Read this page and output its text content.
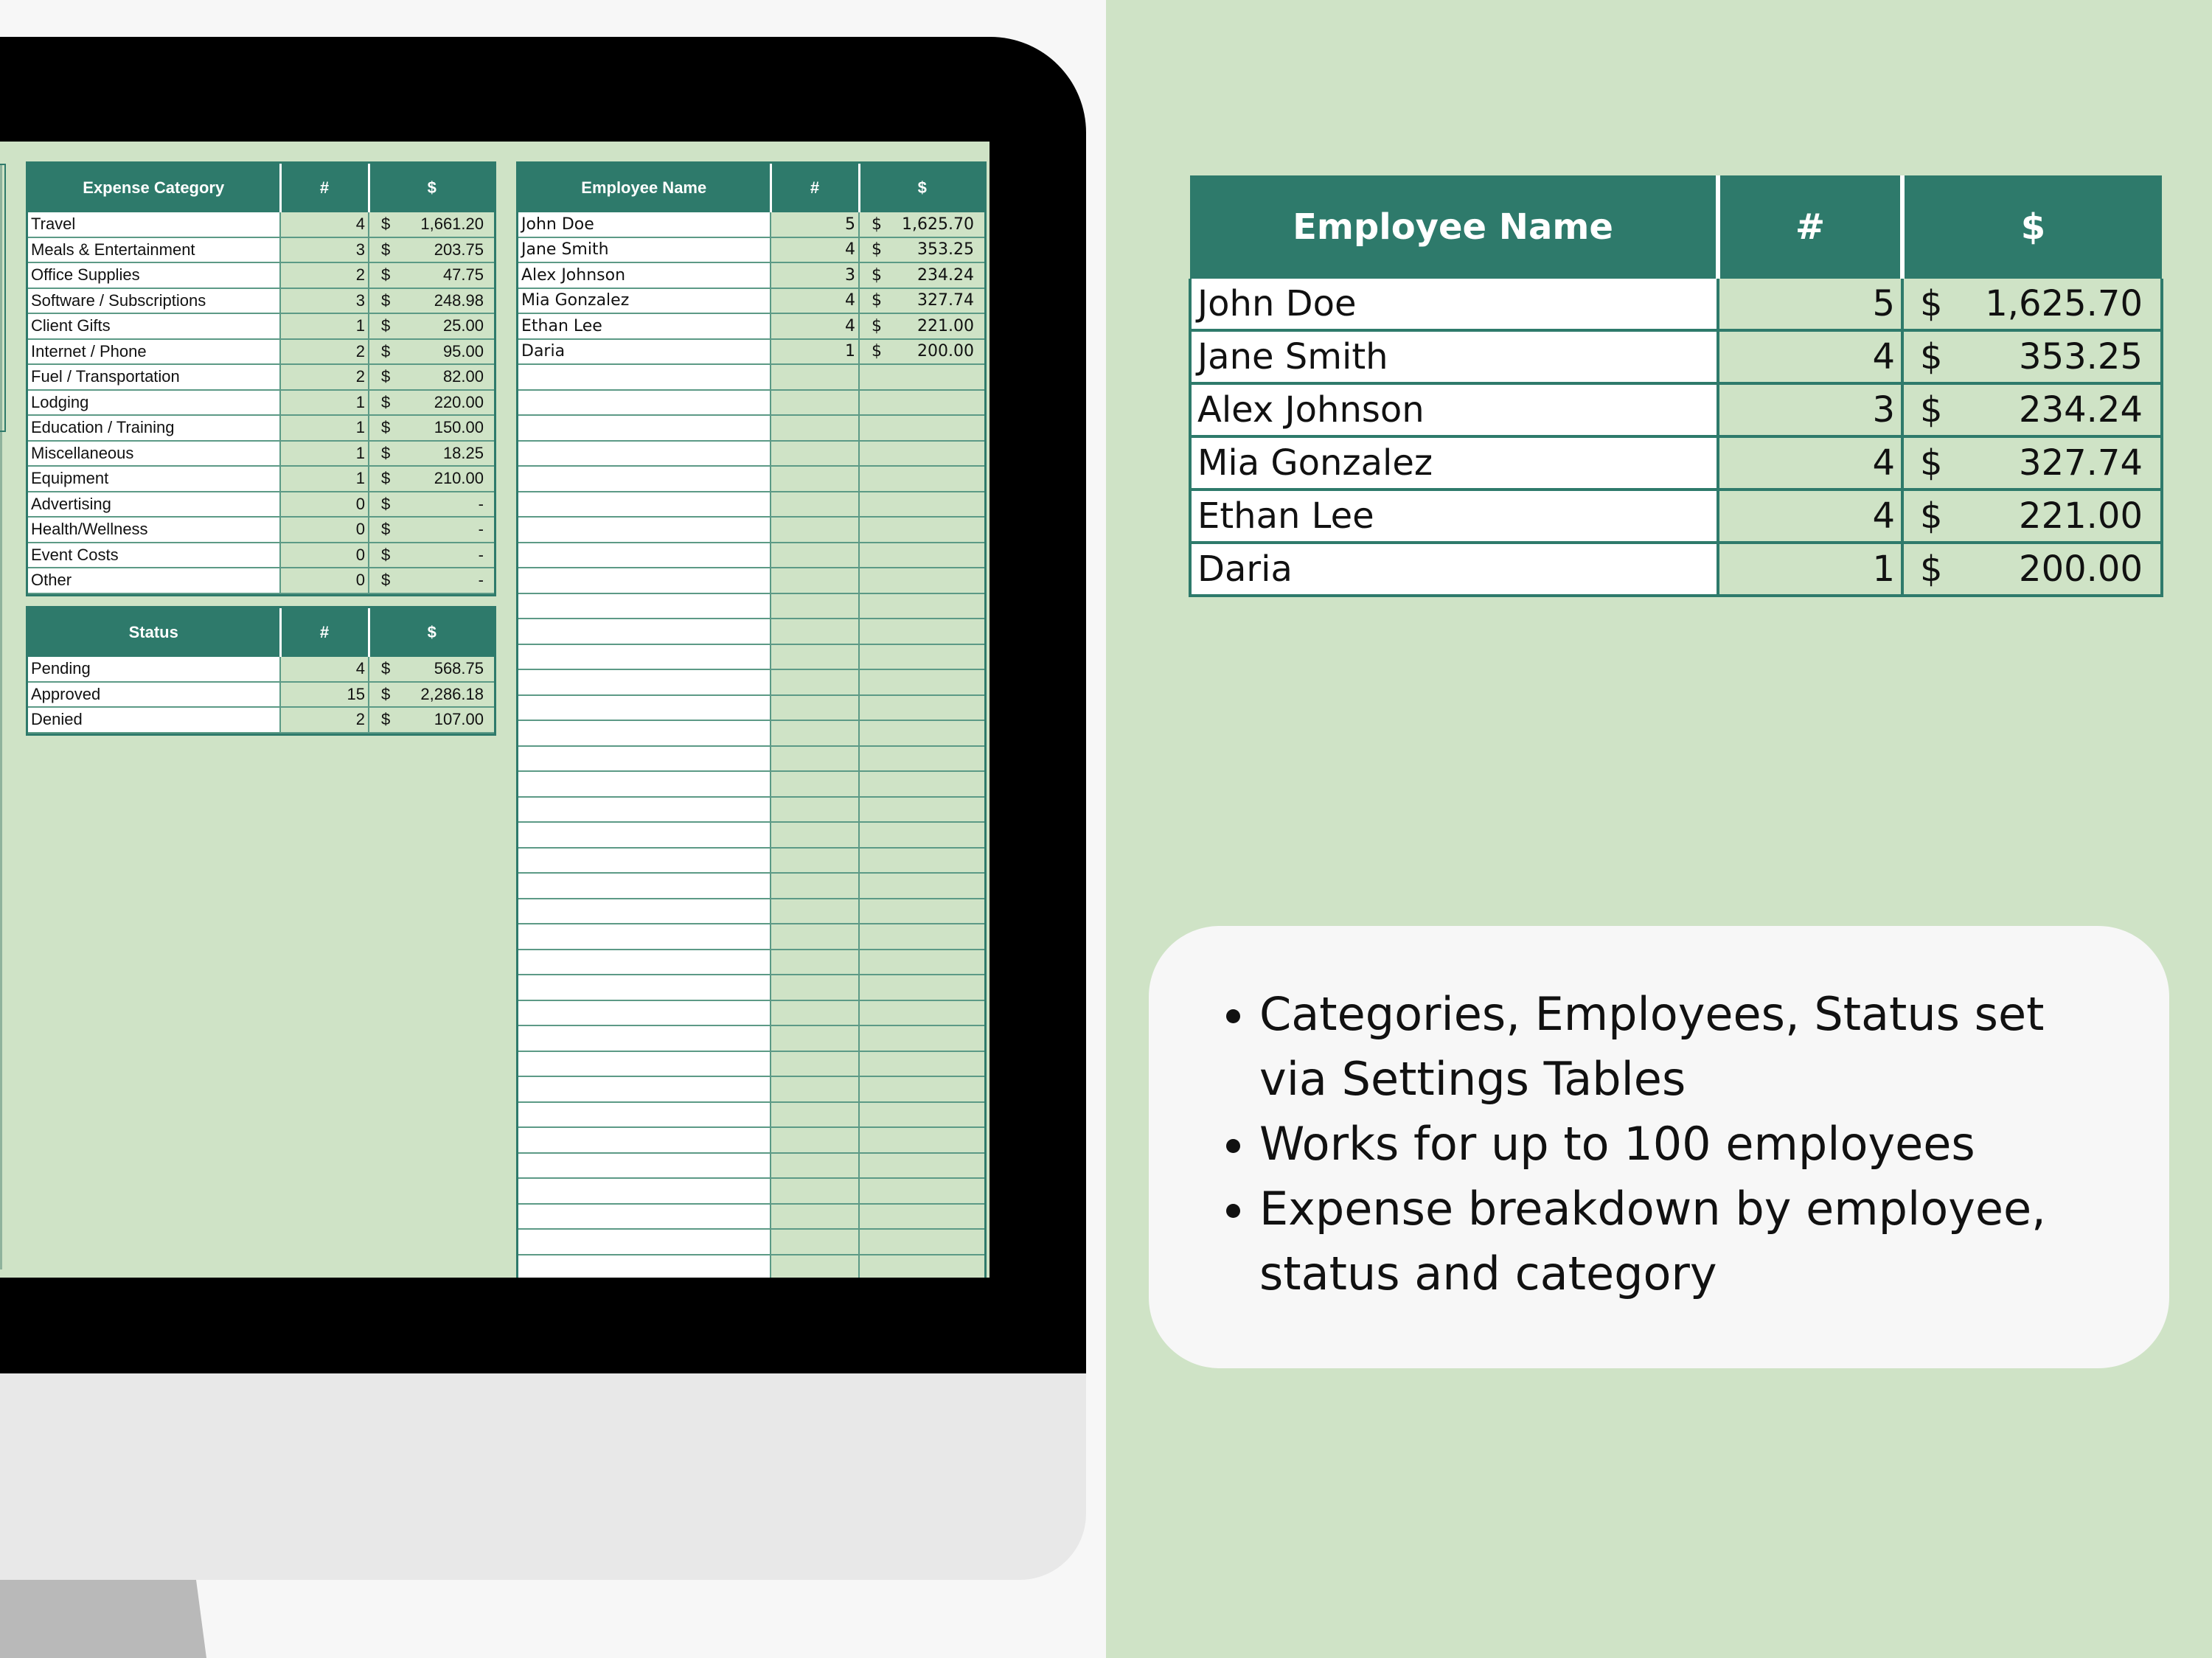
Expense Category	#	$
Travel	4	$ 1,661.20

Meals & Entertainment	3	$ 203.75

Office Supplies	2	$ 47.75

Software / Subscriptions	3	$ 248.98

Client Gifts	1	$ 25.00

Internet / Phone	2	$ 95.00

Fuel / Transportation	2	$ 82.00

Lodging	1	$ 220.00

Education / Training	1	$ 150.00

Miscellaneous	1	$ 18.25

Equipment	1	$ 210.00

Advertising	0	$ -

Health/Wellness	0	$ -

Event Costs	0	$ -

Other	0	$ -
Status	#	$
Pending	4	$ 568.75

Approved	15	$ 2,286.18

Denied	2	$ 107.00
Employee Name	#	$
John Doe	5	$ 1,625.70

Jane Smith	4	$ 353.25

Alex Johnson	3	$ 234.24

Mia Gonzalez	4	$ 327.74

Ethan Lee	4	$ 221.00

Daria	1	$ 200.00

Employee Name	#	$
John Doe	5	$ 1,625.70

Jane Smith	4	$ 353.25

Alex Johnson	3	$ 234.24

Mia Gonzalez	4	$ 327.74

Ethan Lee	4	$ 221.00

Daria	1	$ 200.00
• Categories, Employees, Status set via Settings Tables
• Works for up to 100 employees
• Expense breakdown by employee, status and category
